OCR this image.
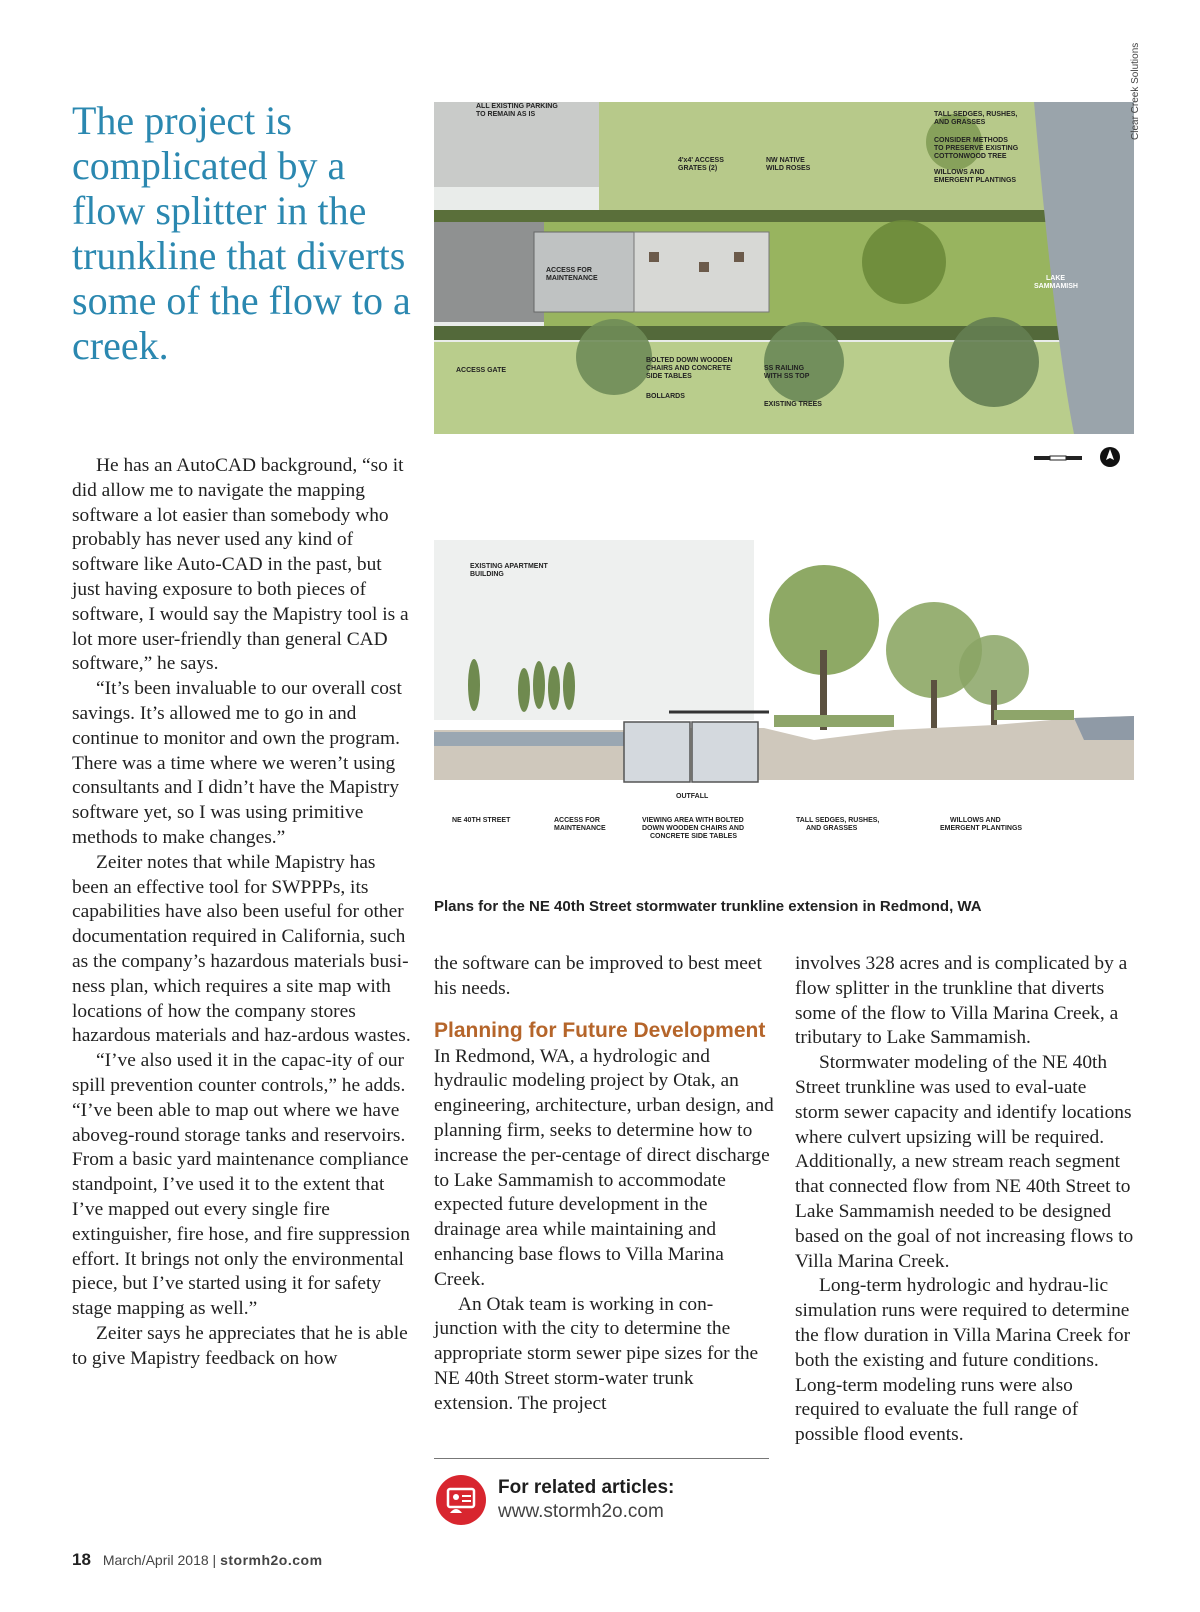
The project is complicated by a flow splitter in the trunkline that diverts some of the flow to a creek.
ALL EXISTING PARKING TO REMAIN AS IS
4'x4' ACCESS GRATES (2)
NW NATIVE WILD ROSES
TALL SEDGES, RUSHES, AND GRASSES
CONSIDER METHODS TO PRESERVE EXISTING COTTONWOOD TREE
WILLOWS AND EMERGENT PLANTINGS
ACCESS FOR MAINTENANCE	LAKE SAMMAMISH
ACCESS GATE
BOLTED DOWN WOODEN CHAIRS AND CONCRETE SIDE TABLES
SS RAILING WITH SS TOP
BOLLARDS
EXISTING TREES
Clear Creek Solutions
EXISTING APARTMENT BUILDING
OUTFALL
NE 40TH STREET	ACCESS FOR MAINTENANCE
VIEWING AREA WITH BOLTED DOWN WOODEN CHAIRS AND CONCRETE SIDE TABLES
TALL SEDGES, RUSHES, AND GRASSES
WILLOWS AND EMERGENT PLANTINGS
Plans for the NE 40th Street stormwater trunkline extension in Redmond, WA

He has an AutoCAD background, “so it did allow me to navigate the mapping software a lot easier than somebody who probably has never used any kind of software like Auto-CAD in the past, but just having exposure to both pieces of software, I would say the Mapistry tool is a lot more user-friendly than general CAD software,” he says.

“It’s been invaluable to our overall cost savings. It’s allowed me to go in and continue to monitor and own the program. There was a time where we weren’t using consultants and I didn’t have the Mapistry software yet, so I was using primitive methods to make changes.”

Zeiter notes that while Mapistry has been an effective tool for SWPPPs, its capabilities have also been useful for other documentation required in California, such as the company’s hazardous materials busi-ness plan, which requires a site map with locations of how the company stores hazardous materials and haz-ardous wastes.

“I’ve also used it in the capac-ity of our spill prevention counter controls,” he adds. “I’ve been able to map out where we have aboveg-round storage tanks and reservoirs. From a basic yard maintenance compliance standpoint, I’ve used it to the extent that I’ve mapped out every single fire extinguisher, fire hose, and fire suppression effort. It brings not only the environmental piece, but I’ve started using it for safety stage mapping as well.”

Zeiter says he appreciates that he is able to give Mapistry feedback on how

the software can be improved to best meet his needs.

Planning for Future Development

In Redmond, WA, a hydrologic and hydraulic modeling project by Otak, an engineering, architecture, urban design, and planning firm, seeks to determine how to increase the per-centage of direct discharge to Lake Sammamish to accommodate expected future development in the drainage area while maintaining and enhancing base flows to Villa Marina Creek.

An Otak team is working in con-junction with the city to determine the appropriate storm sewer pipe sizes for the NE 40th Street storm-water trunk extension. The project

involves 328 acres and is complicated by a flow splitter in the trunkline that diverts some of the flow to Villa Marina Creek, a tributary to Lake Sammamish.

Stormwater modeling of the NE 40th Street trunkline was used to eval-uate storm sewer capacity and identify locations where culvert upsizing will be required. Additionally, a new stream reach segment that connected flow from NE 40th Street to Lake Sammamish needed to be designed based on the goal of not increasing flows to Villa Marina Creek.

Long-term hydrologic and hydrau-lic simulation runs were required to determine the flow duration in Villa Marina Creek for both the existing and future conditions. Long-term modeling runs were also required to evaluate the full range of possible flood events.

For related articles:
www.stormh2o.com
18 March/April 2018 | stormh2o.com
